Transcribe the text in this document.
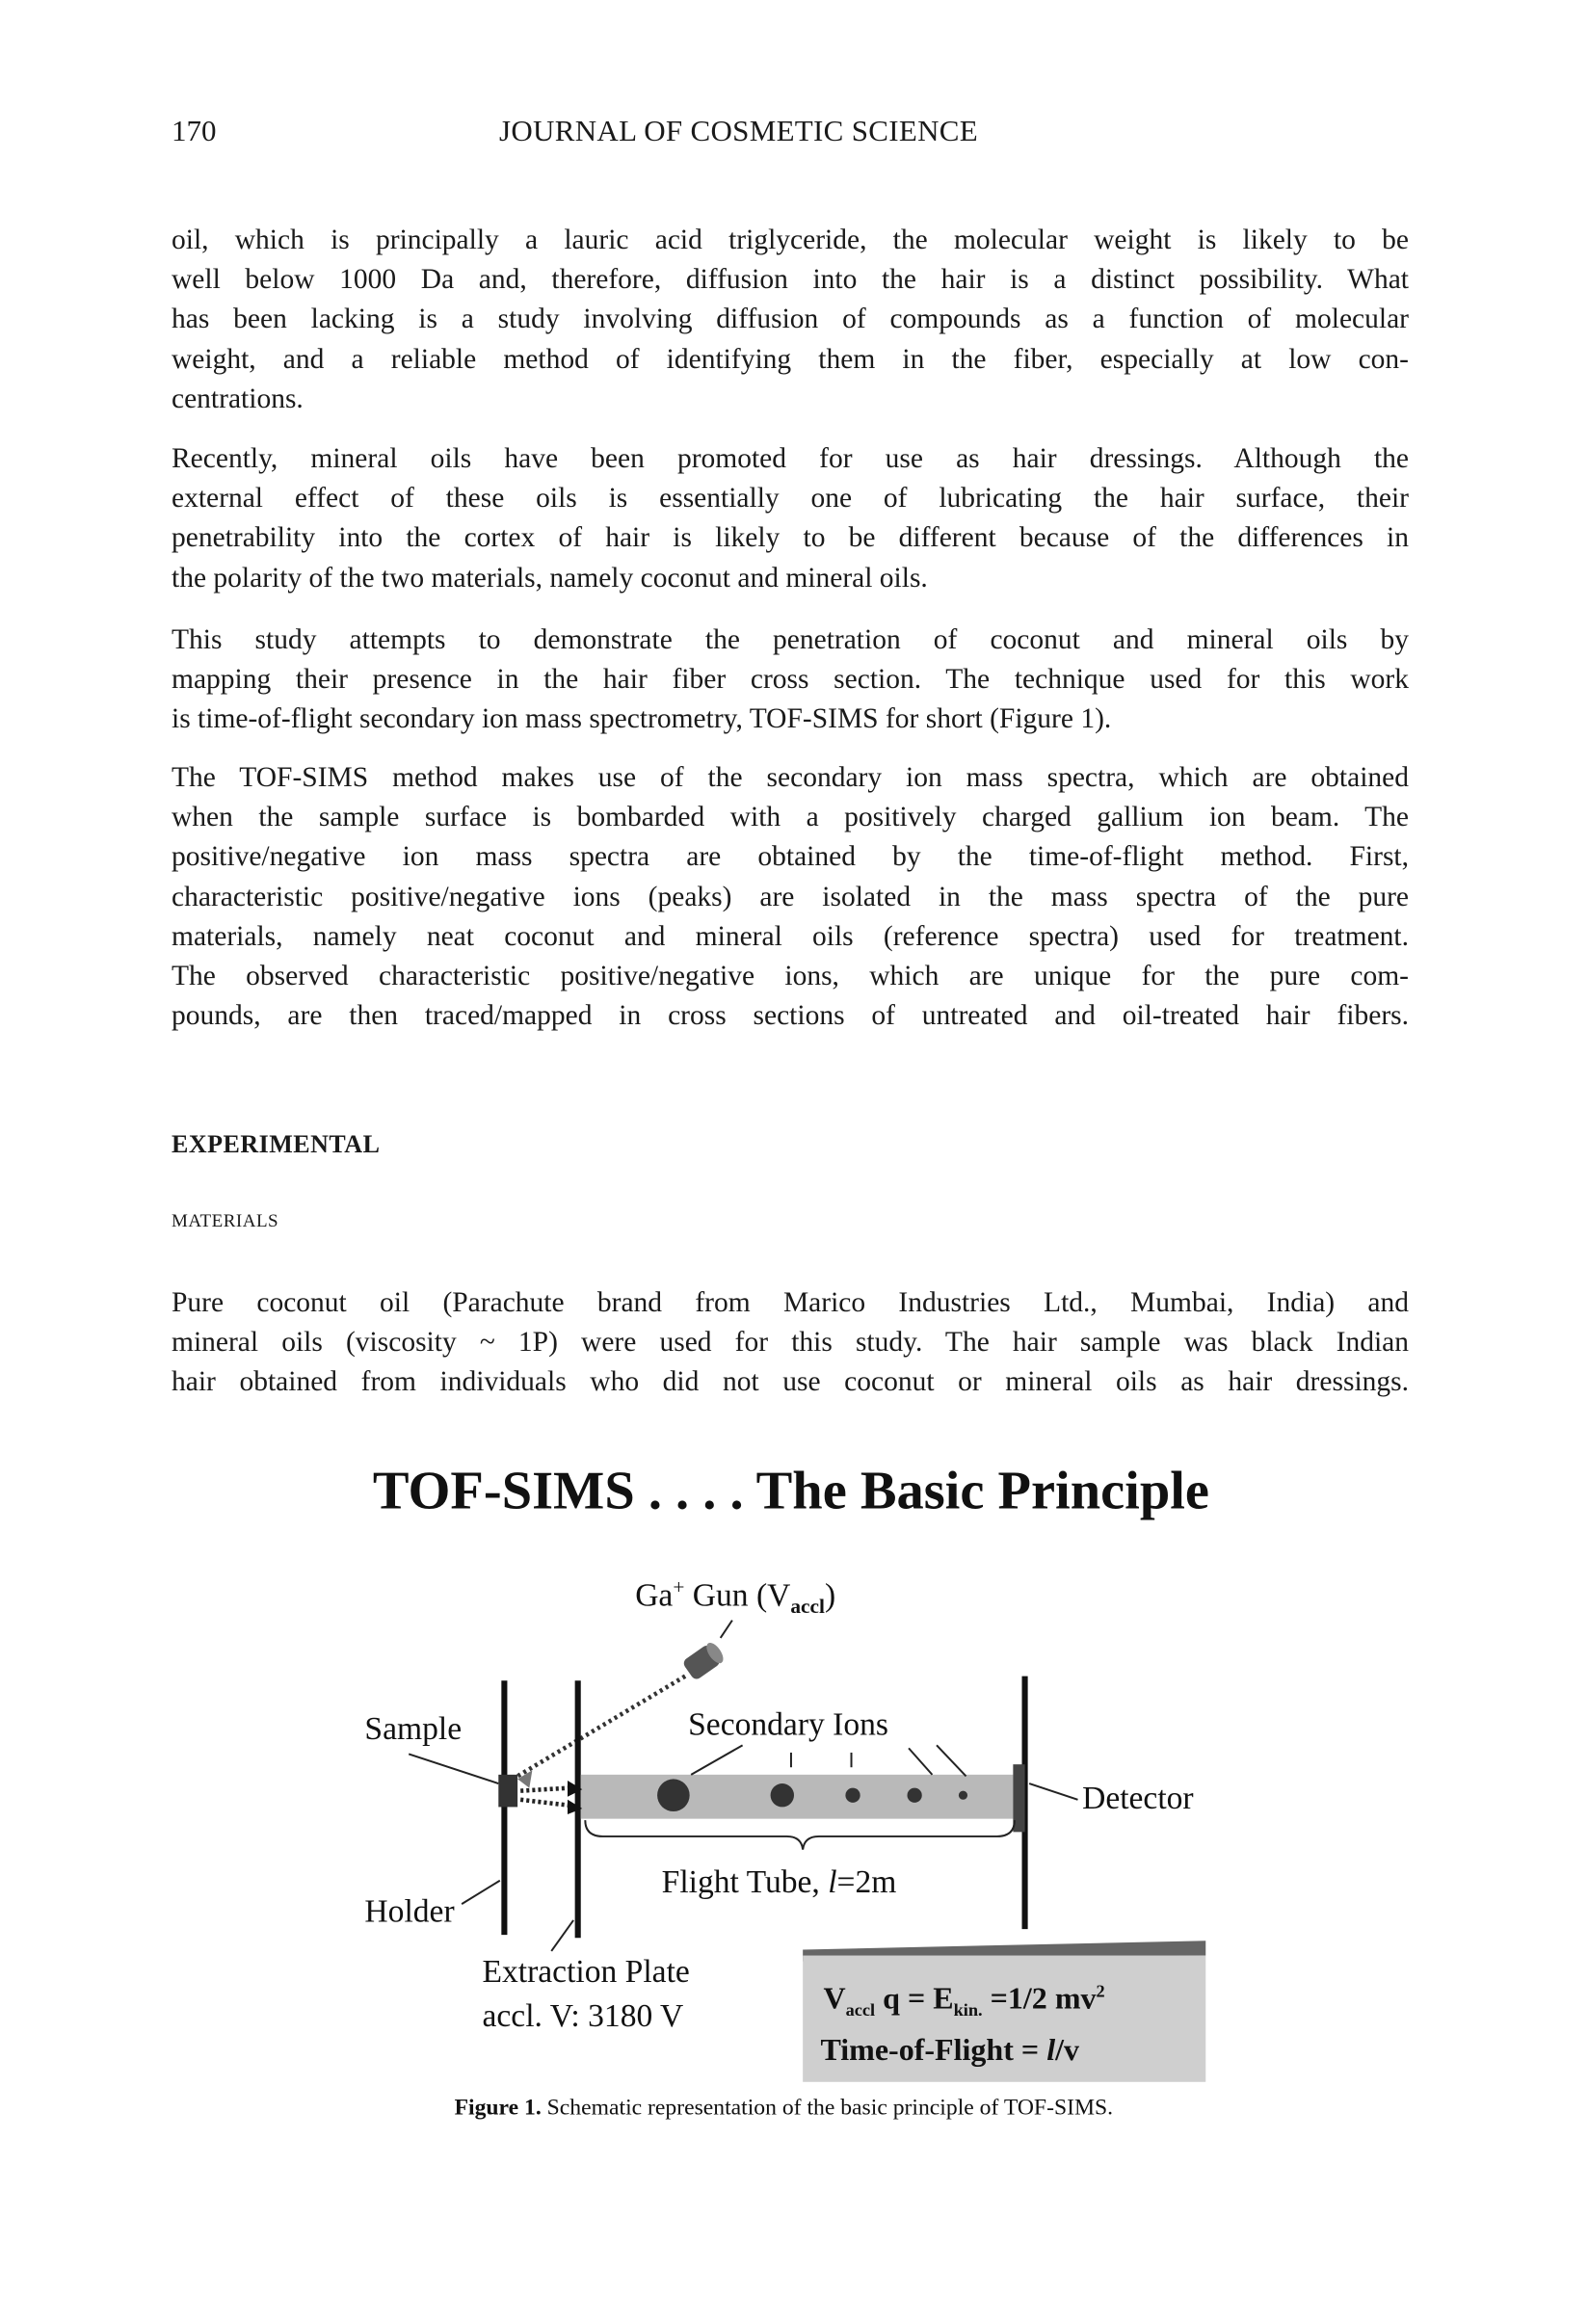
170	JOURNAL OF COSMETIC SCIENCE
oil, which is principally a lauric acid triglyceride, the molecular weight is likely to be
well below 1000 Da and, therefore, diffusion into the hair is a distinct possibility. What
has been lacking is a study involving diffusion of compounds as a function of molecular
weight, and a reliable method of identifying them in the fiber, especially at low con-
centrations.
Recently, mineral oils have been promoted for use as hair dressings. Although the
external effect of these oils is essentially one of lubricating the hair surface, their
penetrability into the cortex of hair is likely to be different because of the differences in
the polarity of the two materials, namely coconut and mineral oils.
This study attempts to demonstrate the penetration of coconut and mineral oils by
mapping their presence in the hair fiber cross section. The technique used for this work
is time-of-flight secondary ion mass spectrometry, TOF-SIMS for short (Figure 1).
The TOF-SIMS method makes use of the secondary ion mass spectra, which are obtained
when the sample surface is bombarded with a positively charged gallium ion beam. The
positive/negative ion mass spectra are obtained by the time-of-flight method. First,
characteristic positive/negative ions (peaks) are isolated in the mass spectra of the pure
materials, namely neat coconut and mineral oils (reference spectra) used for treatment.
The observed characteristic positive/negative ions, which are unique for the pure com-
pounds, are then traced/mapped in cross sections of untreated and oil-treated hair fibers.
Pure coconut oil (Parachute brand from Marico Industries Ltd., Mumbai, India) and
mineral oils (viscosity ~ 1P) were used for this study. The hair sample was black Indian
hair obtained from individuals who did not use coconut or mineral oils as hair dressings.
EXPERIMENTAL
MATERIALS
TOF-SIMS . . . . The Basic Principle
Ga+ Gun $(V_{accl})$
Secondary Ions
Sample
Detector
Flight Tube, l=2m
Holder
Extraction Plate
accl. V: 3180 V
$V_{accl}$ $q = E_{kin.} =1/2$ $mv^2$
Time-of-Flight = l/v
Figure 1. Schematic representation of the basic principle of TOF-SIMS.
